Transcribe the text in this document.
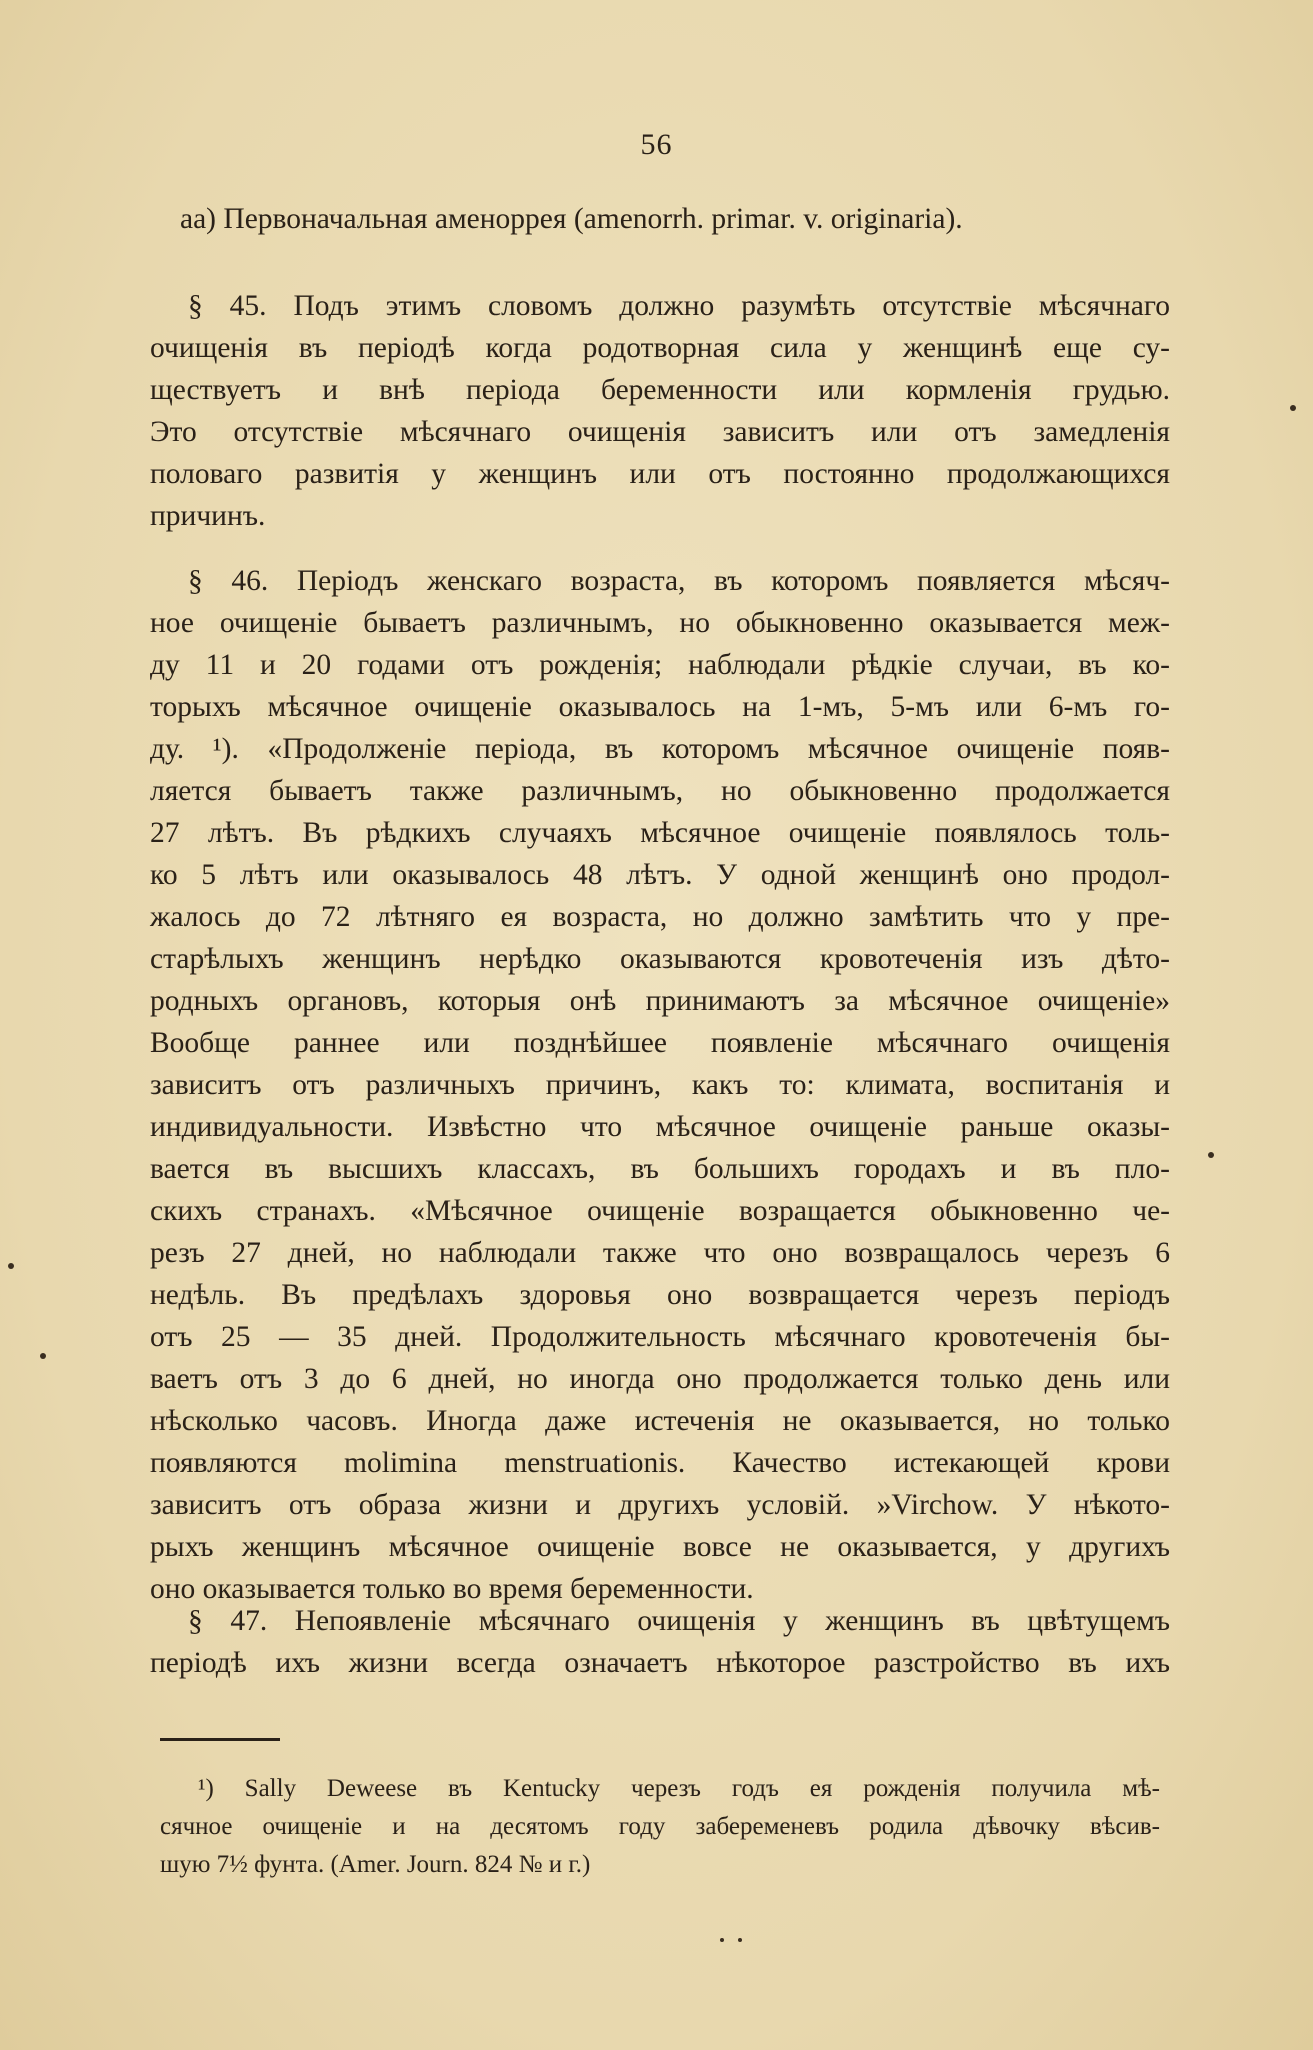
56
аа) Первоначальная аменоррея (amenorrh. primar. v. originaria).
§ 45. Подъ этимъ словомъ должно разумѣть отсутствіе мѣсячнаго
очищенія въ періодѣ когда родотворная сила у женщинѣ еще су-
ществуетъ и внѣ періода беременности или кормленія грудью.
Это отсутствіе мѣсячнаго очищенія зависитъ или отъ замедленія
половаго развитія у женщинъ или отъ постоянно продолжающихся
причинъ.
§ 46. Періодъ женскаго возраста, въ которомъ появляется мѣсяч-
ное очищеніе бываетъ различнымъ, но обыкновенно оказывается меж-
ду 11 и 20 годами отъ рожденія; наблюдали рѣдкіе случаи, въ ко-
торыхъ мѣсячное очищеніе оказывалось на 1-мъ, 5-мъ или 6-мъ го-
ду. ¹). «Продолженіе періода, въ которомъ мѣсячное очищеніе появ-
ляется бываетъ также различнымъ, но обыкновенно продолжается
27 лѣтъ. Въ рѣдкихъ случаяхъ мѣсячное очищеніе появлялось толь-
ко 5 лѣтъ или оказывалось 48 лѣтъ. У одной женщинѣ оно продол-
жалось до 72 лѣтняго ея возраста, но должно замѣтить что у пре-
старѣлыхъ женщинъ нерѣдко оказываются кровотеченія изъ дѣто-
родныхъ органовъ, которыя онѣ принимаютъ за мѣсячное очищеніе»
Вообще раннее или позднѣйшее появленіе мѣсячнаго очищенія
зависитъ отъ различныхъ причинъ, какъ то: климата, воспитанія и
индивидуальности. Извѣстно что мѣсячное очищеніе раньше оказы-
вается въ высшихъ классахъ, въ большихъ городахъ и въ пло-
скихъ странахъ. «Мѣсячное очищеніе возращается обыкновенно че-
резъ 27 дней, но наблюдали также что оно возвращалось черезъ 6
недѣль. Въ предѣлахъ здоровья оно возвращается черезъ періодъ
отъ 25 — 35 дней. Продолжительность мѣсячнаго кровотеченія бы-
ваетъ отъ 3 до 6 дней, но иногда оно продолжается только день или
нѣсколько часовъ. Иногда даже истеченія не оказывается, но только
появляются molimina menstruationis. Качество истекающей крови
зависитъ отъ образа жизни и другихъ условій. »Virchow. У нѣкото-
рыхъ женщинъ мѣсячное очищеніе вовсе не оказывается, у другихъ
оно оказывается только во время беременности.
§ 47. Непоявленіе мѣсячнаго очищенія у женщинъ въ цвѣтущемъ
періодѣ ихъ жизни всегда означаетъ нѣкоторое разстройство въ ихъ
¹) Sally Deweese въ Kentucky черезъ годъ ея рожденія получила мѣ-
сячное очищеніе и на десятомъ году забеременевъ родила дѣвочку вѣсив-
шую 7½ фунта. (Amer. Journ. 824 № и г.)
